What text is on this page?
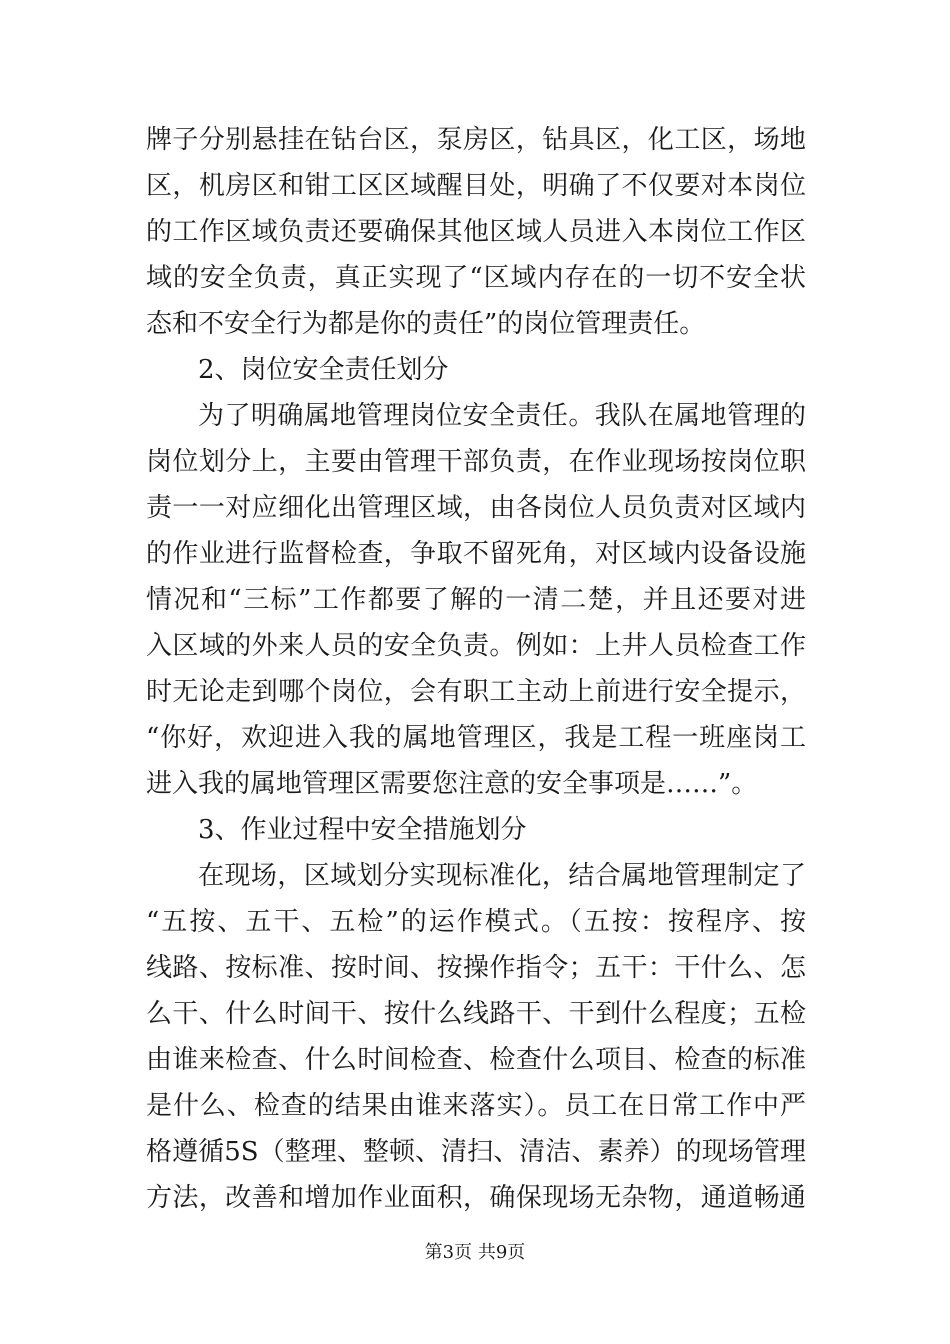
牌子分别悬挂在钻台区，泵房区，钻具区，化工区，场地
区，机房区和钳工区区域醒目处，明确了不仅要对本岗位
的工作区域负责还要确保其他区域人员进入本岗位工作区
域的安全负责，真正实现了“区域内存在的一切不安全状
态和不安全行为都是你的责任”的岗位管理责任。
2、岗位安全责任划分
为了明确属地管理岗位安全责任。我队在属地管理的
岗位划分上，主要由管理干部负责，在作业现场按岗位职
责一一对应细化出管理区域，由各岗位人员负责对区域内
的作业进行监督检查，争取不留死角，对区域内设备设施
情况和“三标”工作都要了解的一清二楚，并且还要对进
入区域的外来人员的安全负责。例如：上井人员检查工作
时无论走到哪个岗位，会有职工主动上前进行安全提示，
“你好，欢迎进入我的属地管理区，我是工程一班座岗工
进入我的属地管理区需要您注意的安全事项是……”。
3、作业过程中安全措施划分
在现场，区域划分实现标准化，结合属地管理制定了
“五按、五干、五检”的运作模式。（五按：按程序、按
线路、按标准、按时间、按操作指令；五干：干什么、怎
么干、什么时间干、按什么线路干、干到什么程度；五检
由谁来检查、什么时间检查、检查什么项目、检查的标准
是什么、检查的结果由谁来落实）。员工在日常工作中严
格遵循5S（整理、整顿、清扫、清洁、素养）的现场管理
方法，改善和增加作业面积，确保现场无杂物，通道畅通
第3页 共9页
